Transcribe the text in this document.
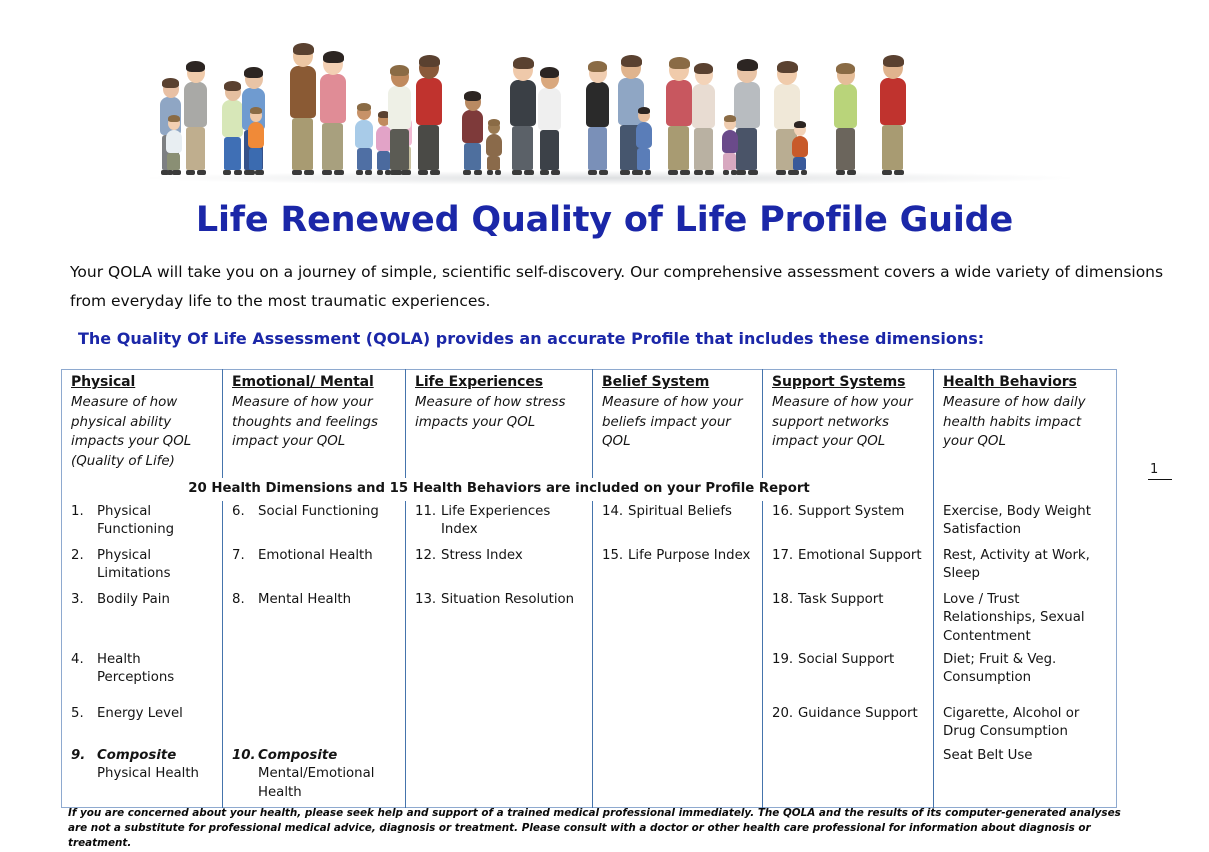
Life Renewed Quality of Life Profile Guide

Your QOLA will take you on a journey of simple, scientific self-discovery. Our comprehensive assessment covers a wide variety of dimensions from everyday life to the most traumatic experiences.

The Quality Of Life Assessment (QOLA) provides an accurate Profile that includes these dimensions:

1
Physical
Measure of how physical ability impacts your QOL (Quality of Life)	Emotional/ Mental
Measure of how your thoughts and feelings impact your QOL	Life Experiences
Measure of how stress impacts your QOL	Belief System
Measure of how your beliefs impact your QOL	Support Systems
Measure of how your support networks impact your QOL	Health Behaviors
Measure of how daily health habits impact your QOL

20 Health Dimensions and 15 Health Behaviors are included on your Profile Report					

1. Physical Functioning	6. Social Functioning	11. Life Experiences Index	14. Spiritual Beliefs	16. Support System	Exercise, Body Weight Satisfaction

2. Physical Limitations	7. Emotional Health	12. Stress Index	15. Life Purpose Index	17. Emotional Support	Rest, Activity at Work, Sleep

3. Bodily Pain	8. Mental Health	13. Situation Resolution		18. Task Support	Love / Trust Relationships, Sexual Contentment

4. Health Perceptions				19. Social Support	Diet; Fruit & Veg. Consumption

5. Energy Level				20. Guidance Support	Cigarette, Alcohol or Drug Consumption

9. Composite
Physical Health	10. Composite
Mental/Emotional Health				Seat Belt Use
If you are concerned about your health, please seek help and support of a trained medical professional immediately. The QOLA and the results of its computer-generated analyses are not a substitute for professional medical advice, diagnosis or treatment. Please consult with a doctor or other health care professional for information about diagnosis or treatment.
